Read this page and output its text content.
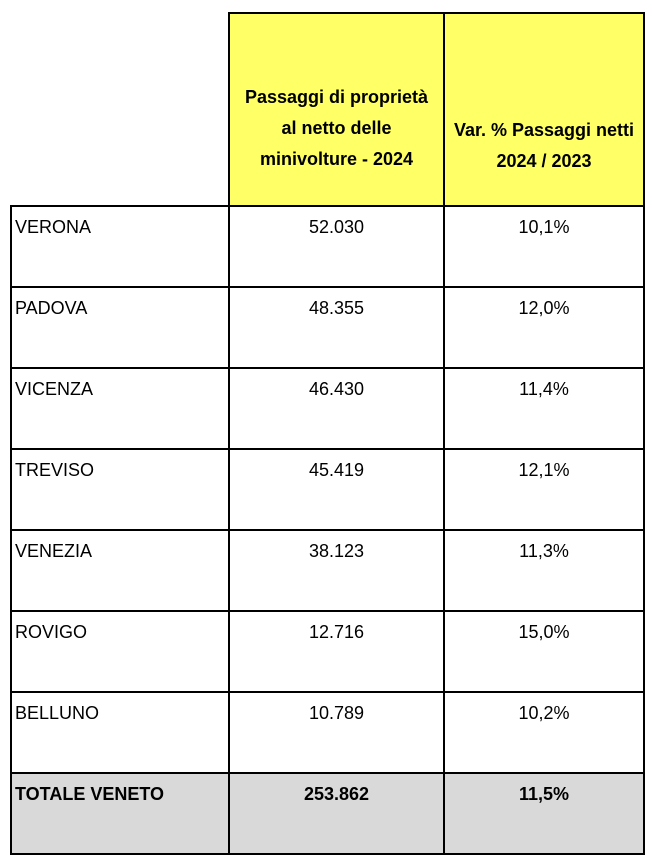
	Passaggi di proprietà al netto delle minivolture - 2024	Var. % Passaggi netti 2024 / 2023
VERONA	52.030	10,1%
PADOVA	48.355	12,0%
VICENZA	46.430	11,4%
TREVISO	45.419	12,1%
VENEZIA	38.123	11,3%
ROVIGO	12.716	15,0%
BELLUNO	10.789	10,2%
TOTALE VENETO	253.862	11,5%
